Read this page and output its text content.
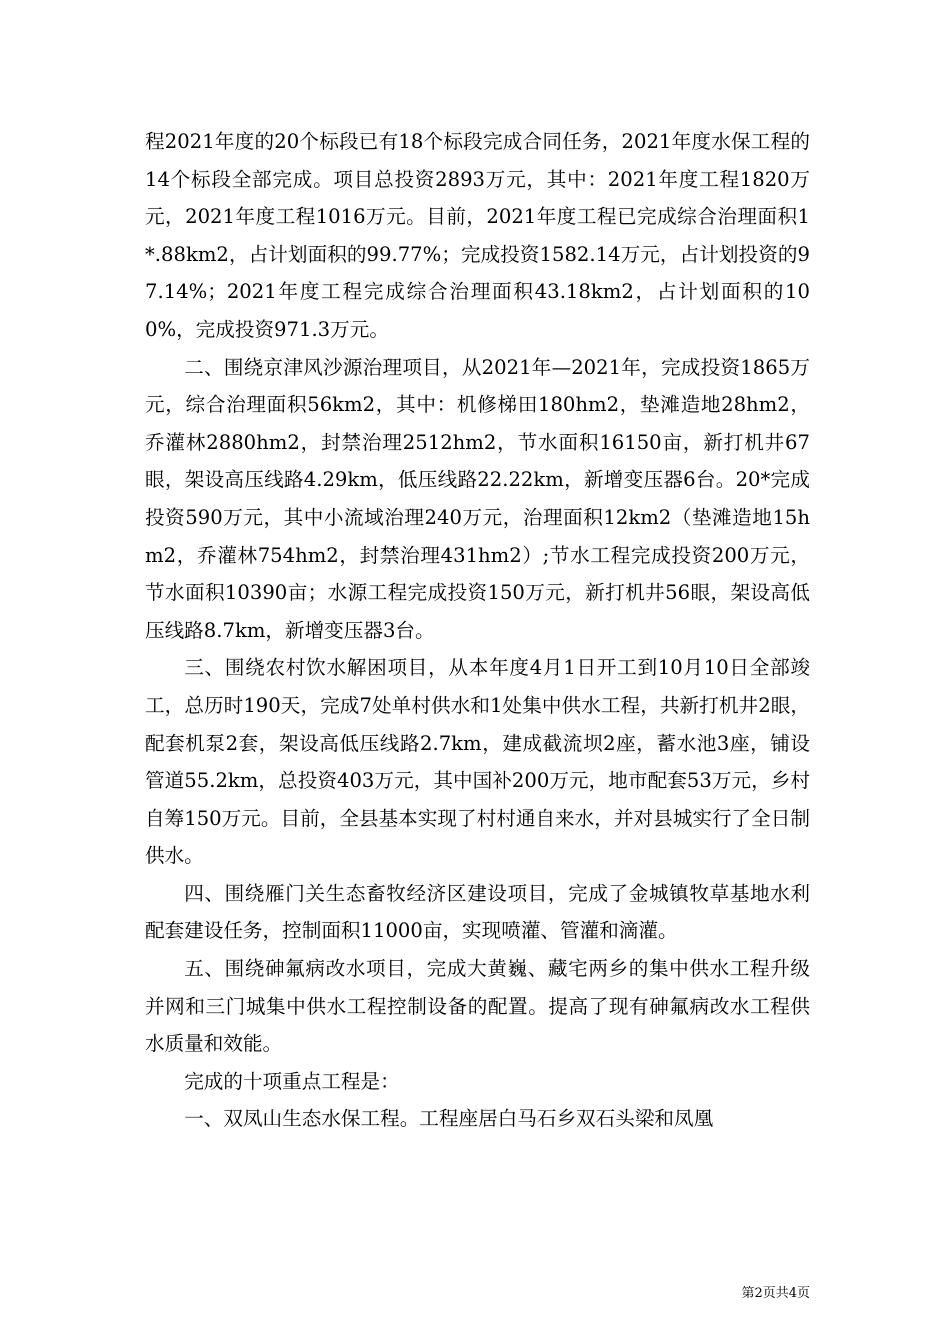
程2021年度的20个标段已有18个标段完成合同任务，2021年度水保工程的14个标段全部完成。项目总投资2893万元，其中：2021年度工程1820万元，2021年度工程1016万元。目前，2021年度工程已完成综合治理面积1*.88km2，占计划面积的99.77%；完成投资1582.14万元，占计划投资的97.14%；2021年度工程完成综合治理面积43.18km2，占计划面积的100%，完成投资971.3万元。

二、围绕京津风沙源治理项目，从2021年—2021年，完成投资1865万元，综合治理面积56km2，其中：机修梯田180hm2，垫滩造地28hm2，乔灌林2880hm2，封禁治理2512hm2，节水面积16150亩，新打机井67眼，架设高压线路4.29km，低压线路22.22km，新增变压器6台。20*完成投资590万元，其中小流域治理240万元，治理面积12km2（垫滩造地15hm2，乔灌林754hm2，封禁治理431hm2）;节水工程完成投资200万元，节水面积10390亩；水源工程完成投资150万元，新打机井56眼，架设高低压线路8.7km，新增变压器3台。

三、围绕农村饮水解困项目，从本年度4月1日开工到10月10日全部竣工，总历时190天，完成7处单村供水和1处集中供水工程，共新打机井2眼，配套机泵2套，架设高低压线路2.7km，建成截流坝2座，蓄水池3座，铺设管道55.2km，总投资403万元，其中国补200万元，地市配套53万元，乡村自筹150万元。目前，全县基本实现了村村通自来水，并对县城实行了全日制供水。

四、围绕雁门关生态畜牧经济区建设项目，完成了金城镇牧草基地水利配套建设任务，控制面积11000亩，实现喷灌、管灌和滴灌。

五、围绕砷氟病改水项目，完成大黄巍、藏宅两乡的集中供水工程升级并网和三门城集中供水工程控制设备的配置。提高了现有砷氟病改水工程供水质量和效能。

完成的十项重点工程是：

一、双凤山生态水保工程。工程座居白马石乡双石头梁和凤凰

第2页共4页
